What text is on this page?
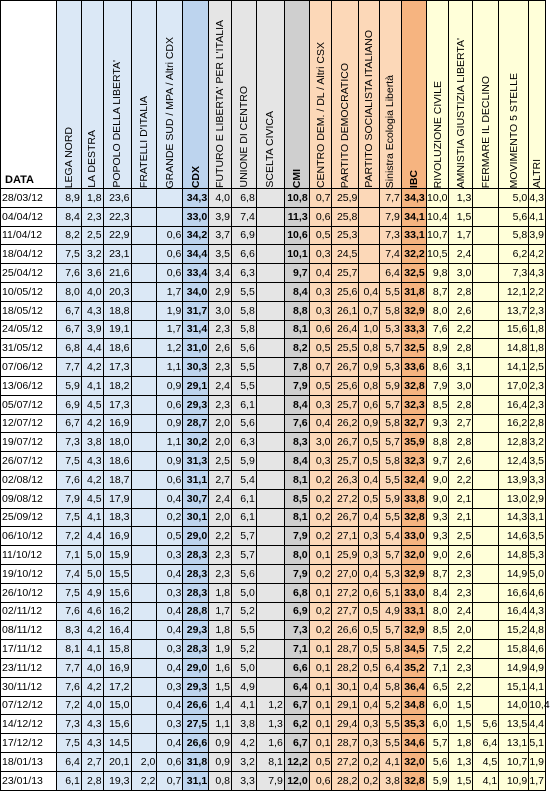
DATA	LEGA NORD	LA DESTRA	POPOLO DELLA LIBERTA'	FRATELLI D'ITALIA	GRANDE SUD / MPA / Altri CDX	CDX	FUTURO E LIBERTA' PER L'ITALIA	UNIONE DI CENTRO	SCELTA CIVICA	CMI	CENTRO DEM. / DL / Altri CSX	PARTITO DEMOCRATICO	PARTITO SOCIALISTA ITALIANO	Sinistra Ecologia Libertà	IBC	RIVOLUZIONE CIVILE	AMNISTIA GIUSTIZIA LIBERTA'	FERMARE IL DECLINO	MOVIMENTO 5 STELLE	ALTRI

28/03/12	8,9	1,8	23,6			34,3	4,0	6,8		10,8	0,7	25,9		7,7	34,3	10,0	1,3		5,0	4,3
04/04/12	8,4	2,3	22,3			33,0	3,9	7,4		11,3	0,6	25,8		7,9	34,1	10,4	1,5		5,6	4,1
11/04/12	8,2	2,5	22,9		0,6	34,2	3,7	6,9		10,6	0,5	25,3		7,3	33,1	10,7	1,7		5,8	3,9
18/04/12	7,5	3,2	23,1		0,6	34,4	3,5	6,6		10,1	0,3	24,5		7,4	32,2	10,5	2,4		6,2	4,2
25/04/12	7,6	3,6	21,6		0,6	33,4	3,4	6,3		9,7	0,4	25,7		6,4	32,5	9,8	3,0		7,3	4,3
10/05/12	8,0	4,0	20,3		1,7	34,0	2,9	5,5		8,4	0,3	25,6	0,4	5,5	31,8	8,7	2,8		12,1	2,2
18/05/12	6,7	4,3	18,8		1,9	31,7	3,0	5,8		8,8	0,3	26,1	0,7	5,8	32,9	8,0	2,6		13,7	2,3
24/05/12	6,7	3,9	19,1		1,7	31,4	2,3	5,8		8,1	0,6	26,4	1,0	5,3	33,3	7,6	2,2		15,6	1,8
31/05/12	6,8	4,4	18,6		1,2	31,0	2,6	5,6		8,2	0,5	25,5	0,8	5,7	32,5	8,9	2,8		14,8	1,8
07/06/12	7,7	4,2	17,3		1,1	30,3	2,3	5,5		7,8	0,7	26,7	0,9	5,3	33,6	8,6	3,1		14,1	2,5
13/06/12	5,9	4,1	18,2		0,9	29,1	2,4	5,5		7,9	0,5	25,6	0,8	5,9	32,8	7,9	3,0		17,0	2,3
05/07/12	6,9	4,5	17,3		0,6	29,3	2,3	6,1		8,4	0,3	25,7	0,6	5,7	32,3	8,5	2,8		16,4	2,3
12/07/12	6,7	4,2	16,9		0,9	28,7	2,0	5,6		7,6	0,4	26,2	0,9	5,8	32,7	9,3	2,7		16,2	2,8
19/07/12	7,3	3,8	18,0		1,1	30,2	2,0	6,3		8,3	3,0	26,7	0,5	5,7	35,9	8,8	2,8		12,8	3,2
26/07/12	7,5	4,3	18,6		0,9	31,3	2,5	5,9		8,4	0,3	25,7	0,5	5,8	32,3	9,7	2,6		12,4	3,5
02/08/12	7,6	4,2	18,7		0,6	31,1	2,7	5,4		8,1	0,2	26,3	0,4	5,5	32,4	9,0	2,2		13,9	3,3
09/08/12	7,9	4,5	17,9		0,4	30,7	2,4	6,1		8,5	0,2	27,2	0,5	5,9	33,8	9,0	2,1		13,0	2,9
25/09/12	7,5	4,1	18,3		0,2	30,1	2,0	6,1		8,1	0,2	26,7	0,4	5,5	32,8	9,3	2,1		14,3	3,1
06/10/12	7,2	4,4	16,9		0,5	29,0	2,2	5,7		7,9	0,2	27,1	0,3	5,4	33,0	9,3	2,5		14,6	3,5
11/10/12	7,1	5,0	15,9		0,3	28,3	2,3	5,7		8,0	0,1	25,9	0,3	5,7	32,0	9,0	2,6		14,8	5,3
19/10/12	7,4	5,0	15,5		0,4	28,3	2,3	5,6		7,9	0,2	27,0	0,4	5,3	32,9	8,7	2,3		14,9	5,0
26/10/12	7,5	4,9	15,6		0,3	28,3	1,8	5,0		6,8	0,1	27,2	0,6	5,1	33,0	8,4	2,3		16,6	4,6
02/11/12	7,6	4,6	16,2		0,4	28,8	1,7	5,2		6,9	0,2	27,7	0,5	4,9	33,1	8,0	2,4		16,4	4,3
08/11/12	8,3	4,2	16,4		0,4	29,3	1,8	5,5		7,3	0,2	26,6	0,5	5,7	32,9	8,5	2,0		15,2	4,8
17/11/12	8,1	4,1	15,8		0,3	28,3	1,9	5,2		7,1	0,1	28,7	0,5	5,8	34,5	7,5	2,2		15,8	4,6
23/11/12	7,7	4,0	16,9		0,4	29,0	1,6	5,0		6,6	0,1	28,2	0,5	6,4	35,2	7,1	2,3		14,9	4,9
30/11/12	7,6	4,2	17,2		0,3	29,3	1,5	4,9		6,4	0,1	30,1	0,4	5,8	36,4	6,5	2,2		15,1	4,1
07/12/12	7,2	4,0	15,0		0,4	26,6	1,4	4,1	1,2	6,7	0,1	29,1	0,4	5,2	34,8	6,0	1,5		14,0	10,4
14/12/12	7,3	4,3	15,6		0,3	27,5	1,1	3,8	1,3	6,2	0,1	29,4	0,3	5,5	35,3	6,0	1,5	5,6	13,5	4,4
17/12/12	7,5	4,3	14,5		0,4	26,6	0,9	4,2	1,6	6,7	0,1	28,7	0,3	5,5	34,6	5,7	1,8	6,4	13,1	5,1
18/01/13	6,4	2,7	20,1	2,0	0,6	31,8	0,9	3,2	8,1	12,2	0,5	27,2	0,2	4,1	32,0	5,6	1,3	4,5	10,7	1,9
23/01/13	6,1	2,8	19,3	2,2	0,7	31,1	0,8	3,3	7,9	12,0	0,6	28,2	0,2	3,8	32,8	5,9	1,5	4,1	10,9	1,7
